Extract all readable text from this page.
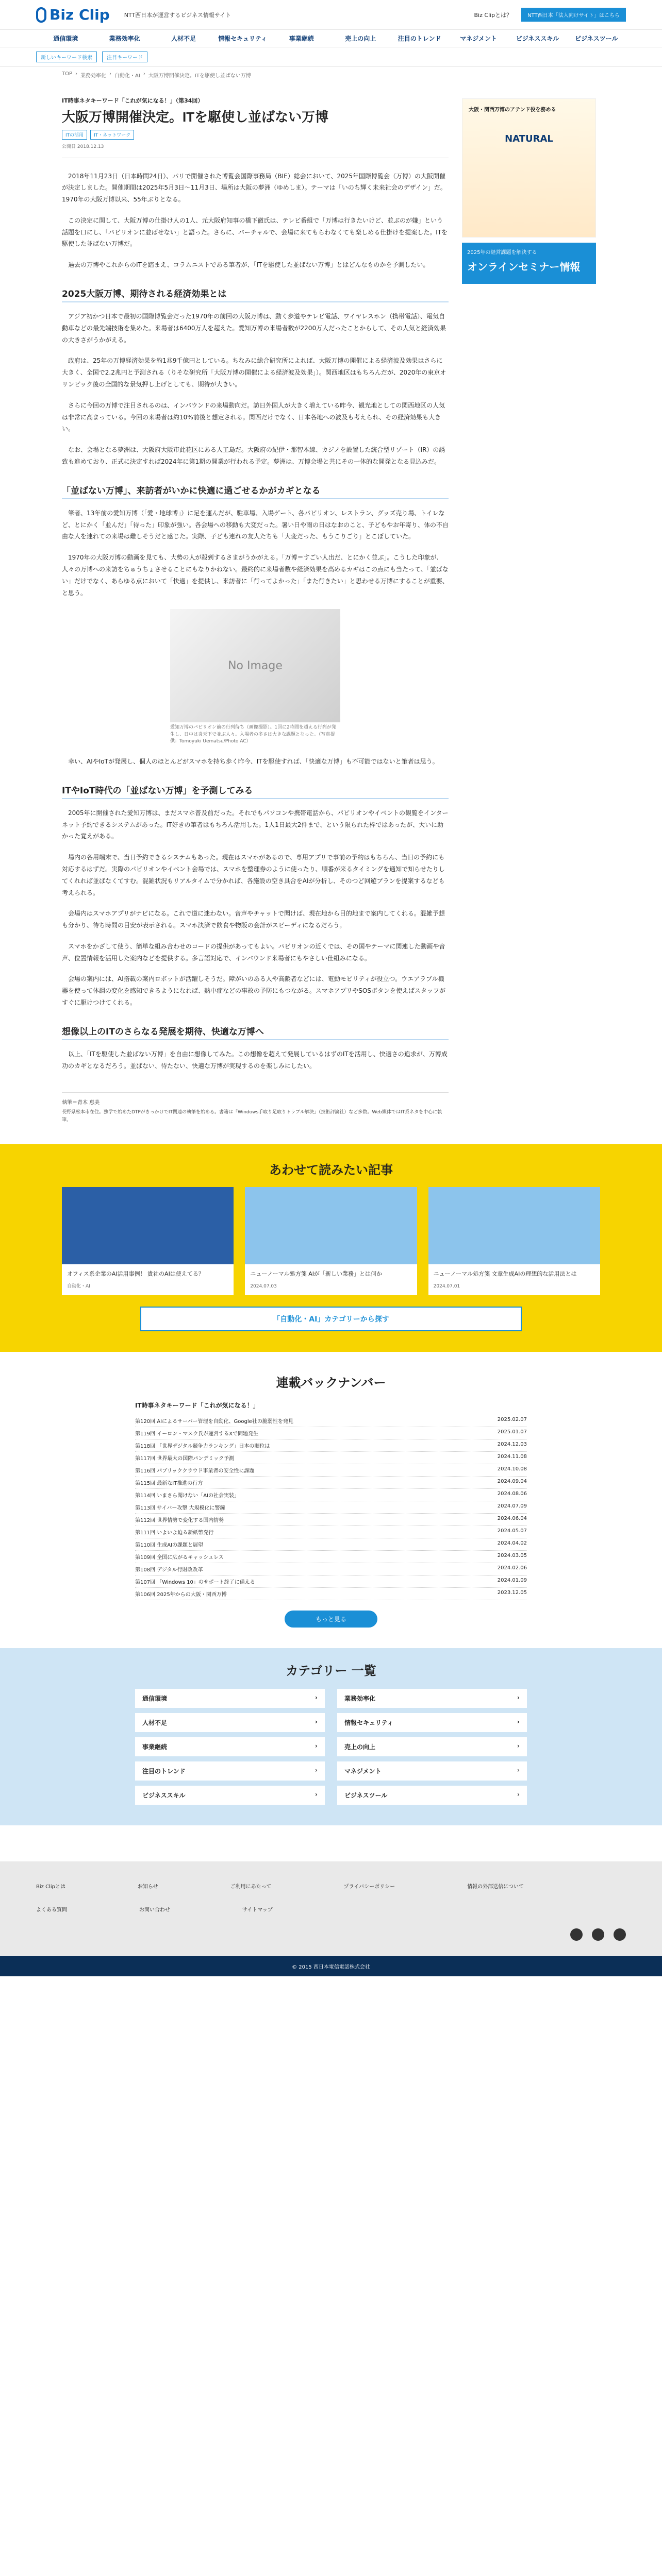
Biz Clip	NTT西日本が運営するビジネス情報サイト	Biz Clipとは？	NTT西日本「法人向けサイト」はこちら
通信環境	業務効率化	人材不足	情報セキュリティ	事業継続	売上の向上	注目のトレンド	マネジメント	ビジネススキル	ビジネスツール
新しいキーワード検索	注目キーワード
TOP › 業務効率化 › 自動化・AI › 大阪万博開催決定。ITを駆使し並ばない万博
IT時事ネタキーワード「これが気になる！」（第34回）
大阪万博開催決定。ITを駆使し並ばない万博
ITの活用	IT・ネットワーク
公開日 2018.12.13

2018年11月23日（日本時間24日）、パリで開催された博覧会国際事務局（BIE）総会において、2025年国際博覧会（万博）の大阪開催が決定しました。開催期間は2025年5月3日～11月3日、場所は大阪の夢洲（ゆめしま）。テーマは「いのち輝く未来社会のデザイン」だ。1970年の大阪万博以来、55年ぶりとなる。

この決定に関して、大阪万博の仕掛け人の1人、元大阪府知事の橋下徹氏は、テレビ番組で「万博は行きたいけど、並ぶのが嫌」という話題を口にし、「パビリオンに並ばせない」と語った。さらに、バーチャルで、会場に来てもらわなくても楽しめる仕掛けを提案した。ITを駆使した並ばない万博だ。

過去の万博やこれからのITを踏まえ、コラムニストである筆者が、「ITを駆使した並ばない万博」とはどんなものかを予測したい。

2025大阪万博、期待される経済効果とは

アジア初かつ日本で最初の国際博覧会だった1970年の前回の大阪万博は、動く歩道やテレビ電話、ワイヤレスホン（携帯電話）、電気自動車などの最先端技術を集めた。来場者は6400万人を超えた。愛知万博の来場者数が2200万人だったことからして、その人気と経済効果の大きさがうかがえる。

政府は、25年の万博経済効果を約1兆9千億円としている。ちなみに総合研究所によれば、大阪万博の開催による経済波及効果はさらに大きく、全国で2.2兆円と予測される（りそな研究所「大阪万博の開催による経済波及効果」）。関西地区はもちろんだが、2020年の東京オリンピック後の全国的な景気押し上げとしても、期待が大きい。

さらに今回の万博で注目されるのは、インバウンドの来場動向だ。訪日外国人が大きく増えている昨今、観光地としての関西地区の人気は非常に高まっている。今回の来場者は約10%前後と想定される。関西だけでなく、日本各地への波及も考えられ、その経済効果も大きい。

なお、会場となる夢洲は、大阪府大阪市此花区にある人工島だ。大阪府の紀伊・那智本線、カジノを設置した統合型リゾート（IR）の誘致も進めており、正式に決定すれば2024年に第1期の開業が行われる予定。夢洲は、万博会場と共にその一体的な開発となる見込みだ。

「並ばない万博」、来訪者がいかに快適に過ごせるかがカギとなる

筆者、13年前の愛知万博（「愛・地球博」）に足を運んだが、駐車場、入場ゲート、各パビリオン、レストラン、グッズ売り場、トイレなど、とにかく「並んだ」「待った」印象が強い。各会場への移動も大変だった。暑い日や雨の日はなおのこと、子どもやお年寄り、体の不自由な人を連れての来場は難しそうだと感じた。実際、子ども連れの友人たちも「大変だった、もうこりごり」とこぼしていた。

1970年の大阪万博の動画を見ても、大勢の人が殺到するさまがうかがえる。「万博＝すごい人出だ、とにかく並ぶ」。こうした印象が、人々の万博への来訪をちゅうちょさせることにもなりかねない。最終的に来場者数や経済効果を高めるカギはこの点にも当たって、「並ばない」だけでなく、あらゆる点において「快適」を提供し、来訪者に「行ってよかった」「また行きたい」と思わせる万博にすることが重要、と思う。

No Image
愛知万博のパビリオン前の行列待ち（画像撮影）。1回に2時間を超える行列が発生し、日中は炎天下で並ぶ人々。入場者の多さは大きな課題となった。（写真提供：Tomoyuki Uematsu/Photo AC）

幸い、AIやIoTが発展し、個人のほとんどがスマホを持ち歩く昨今、ITを駆使すれば、「快適な万博」も不可能ではないと筆者は思う。

ITやIoT時代の「並ばない万博」を予測してみる

2005年に開催された愛知万博は、まだスマホ普及前だった。それでもパソコンや携帯電話から、パビリオンやイベントの観覧をインターネット予約できるシステムがあった。IT好きの筆者はもちろん活用した。1人1日最大2件まで、という限られた枠ではあったが、大いに助かった覚えがある。

場内の各用端末で、当日予約できるシステムもあった。現在はスマホがあるので、専用アプリで事前の予約はもちろん、当日の予約にも対応するはずだ。実際のパビリオンやイベント会場では、スマホを整理券のように使ったり、順番が来るタイミングを通知で知らせたりしてくれれば並ばなくてすむ。混雑状況もリアルタイムで分かれば、各施設の空き具合をAIが分析し、そのつど回遊プランを提案するなども考えられる。

会場内はスマホアプリがナビになる。これで道に迷わない。音声やチャットで聞けば、現在地から目的地まで案内してくれる。混雑予想も分かり、待ち時間の目安が表示される。スマホ決済で飲食や物販の会計がスピーディになるだろう。

スマホをかざして使う、簡単な組み合わせのコードの提供があってもよい。パビリオンの近くでは、その国やテーマに関連した動画や音声、位置情報を活用した案内などを提供する。多言語対応で、インバウンド来場者にもやさしい仕組みになる。

会場の案内には、AI搭載の案内ロボットが活躍しそうだ。障がいのある人や高齢者などには、電動モビリティが役立つ。ウエアラブル機器を使って体調の変化を感知できるようになれば、熱中症などの事故の予防にもつながる。スマホアプリやSOSボタンを使えばスタッフがすぐに駆けつけてくれる。

想像以上のITのさらなる発展を期待、快適な万博へ

以上、「ITを駆使した並ばない万博」を自由に想像してみた。この想像を超えて発展しているはずのITを活用し、快適さの追求が、万博成功のカギとなるだろう。並ばない、待たない、快適な万博が実現するのを楽しみにしたい。

執筆＝青木 恵美
長野県松本市在住。独学で始めたDTPがきっかけでIT関連の執筆を始める。書籍は「Windows手取り足取りトラブル解決」（技術評論社）など多数。Web媒体ではIT系ネタを中心に執筆。
大阪・関西万博のアテンド役を務める
NATURAL
2025年の経営課題を解決する
オンラインセミナー情報
あわせて読みたい記事
オフィス系企業のAI活用事例！ 貴社のAIは使えてる？
自動化・AI
ニューノーマル処方箋 AIが「新しい業務」とは何か
2024.07.03
ニューノーマル処方箋 文章生成AIの理想的な活用法とは
2024.07.01
「自動化・AI」カテゴリーから探す
連載バックナンバー
IT時事ネタキーワード「これが気になる！」
第120回 AIによるサーバー管理を自動化、Google社の脆弱性を発見	2025.02.07
第119回 イーロン・マスク氏が運営するXで問題発生	2025.01.07
第118回 「世界デジタル競争力ランキング」日本の順位は	2024.12.03
第117回 世界最大の国際パンデミック予測	2024.11.08
第116回 パブリッククラウド事業者の安全性に課題	2024.10.08
第115回 最新なIT推進の行方	2024.09.04
第114回 いまさら聞けない「AIの社会実装」	2024.08.06
第113回 サイバー攻撃 大規模化に警鐘	2024.07.09
第112回 世界情勢で変化する国内情勢	2024.06.04
第111回 いよいよ迫る新紙幣発行	2024.05.07
第110回 生成AIの課題と展望	2024.04.02
第109回 全国に広がるキャッシュレス	2024.03.05
第108回 デジタル行財政改革	2024.02.06
第107回 「Windows 10」のサポート終了に備える	2024.01.09
第106回 2025年からの大阪・関西万博	2023.12.05
もっと見る
カテゴリー 一覧
通信環境	›	業務効率化	›
人材不足	›	情報セキュリティ	›
事業継続	›	売上の向上	›
注目のトレンド	›	マネジメント	›
ビジネススキル	›	ビジネスツール	›
Biz Clipとは	お知らせ	ご利用にあたって	プライバシーポリシー	情報の外部送信について
よくある質問	お問い合わせ	サイトマップ
© 2015 西日本電信電話株式会社
